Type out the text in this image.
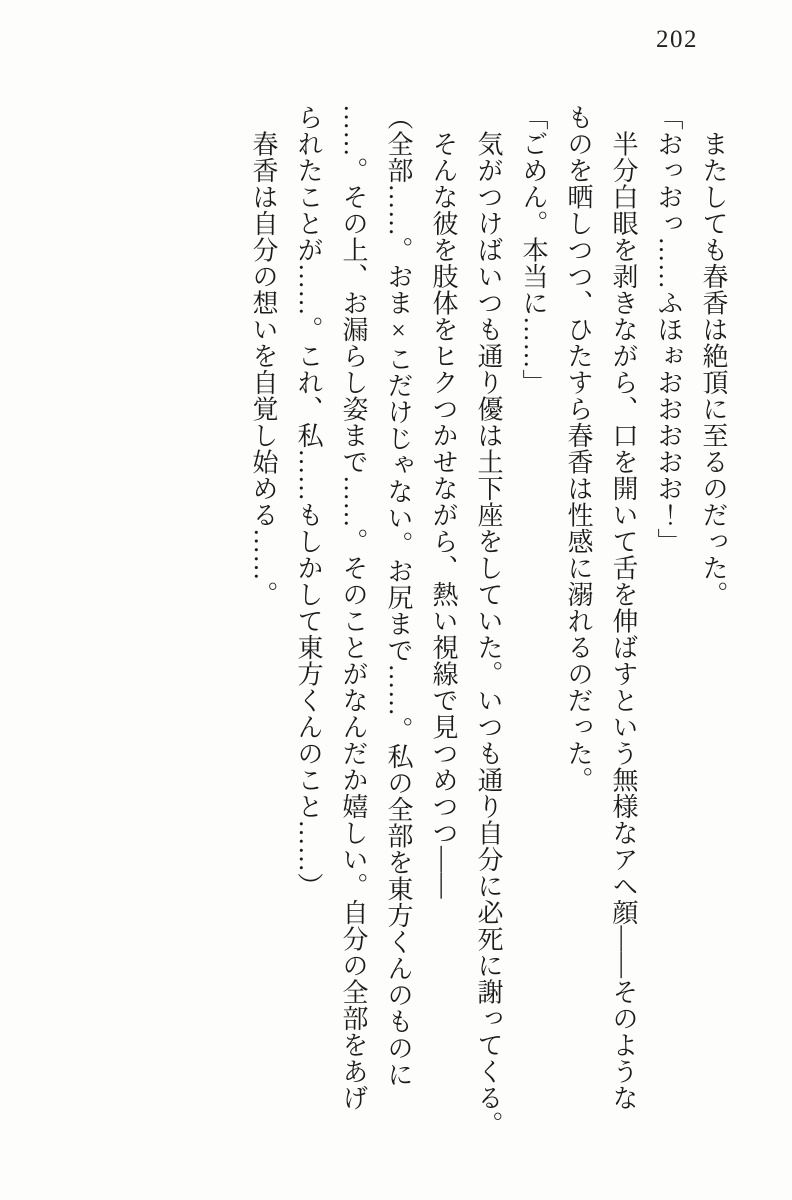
202
　またしても春香は絶頂に至るのだった。
「おっおっ……ふほぉおおおおお！」
　半分白眼を剥きながら、口を開いて舌を伸ばすという無様なアヘ顔――そのような
ものを晒しつつ、ひたすら春香は性感に溺れるのだった。
「ごめん。本当に……」
　気がつけばいつも通り優は土下座をしていた。いつも通り自分に必死に謝ってくる。
　そんな彼を肢体をヒクつかせながら、熱い視線で見つめつつ――
（全部……。おま×こだけじゃない。お尻まで……。私の全部を東方くんのものに
……。その上、お漏らし姿まで……。そのことがなんだか嬉しい。自分の全部をあげ
られたことが……。これ、私……もしかして東方くんのこと……）
　春香は自分の想いを自覚し始める……。
